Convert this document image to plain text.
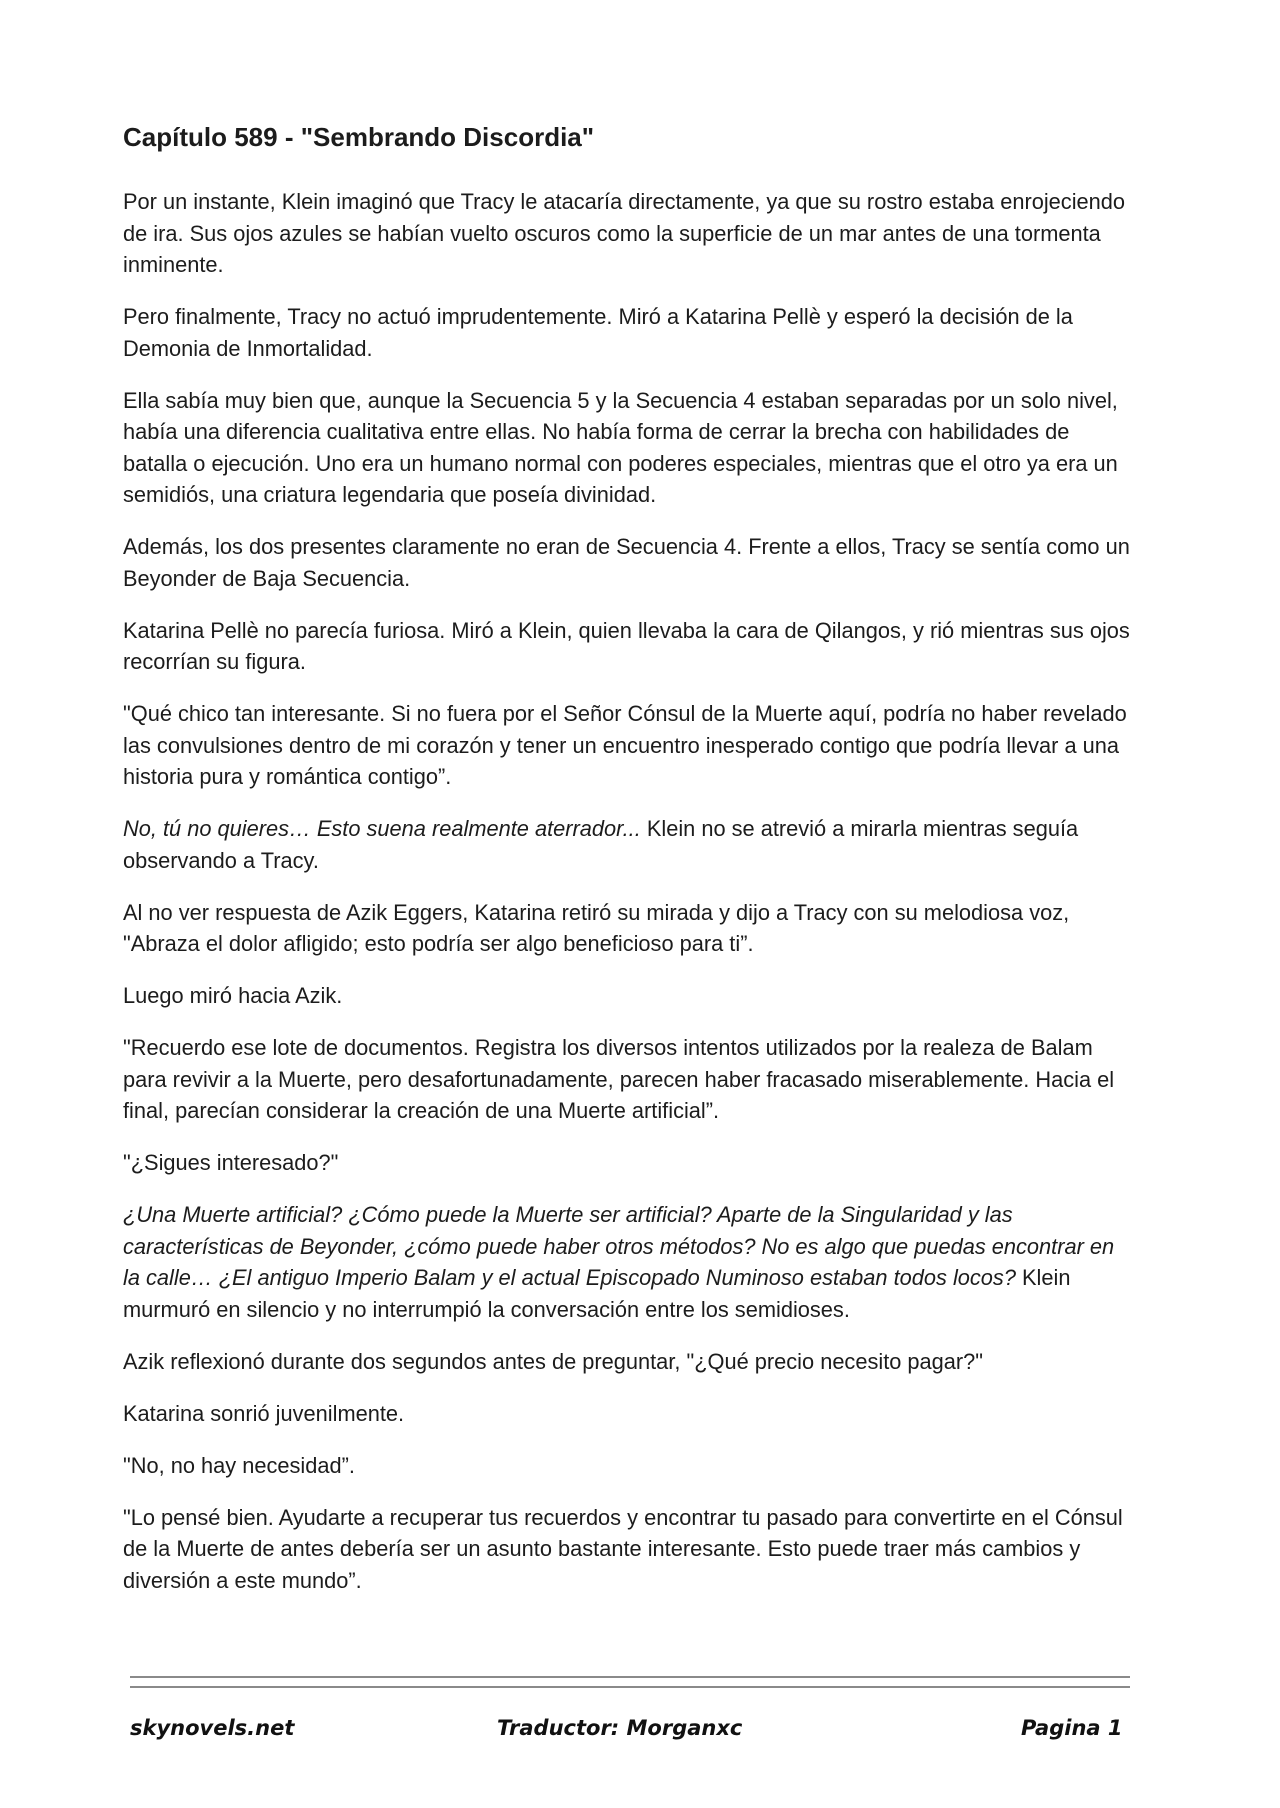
Capítulo 589 - "Sembrando Discordia"

Por un instante, Klein imaginó que Tracy le atacaría directamente, ya que su rostro estaba enrojeciendo de ira. Sus ojos azules se habían vuelto oscuros como la superficie de un mar antes de una tormenta inminente.

Pero finalmente, Tracy no actuó imprudentemente. Miró a Katarina Pellè y esperó la decisión de la Demonia de Inmortalidad.

Ella sabía muy bien que, aunque la Secuencia 5 y la Secuencia 4 estaban separadas por un solo nivel, había una diferencia cualitativa entre ellas. No había forma de cerrar la brecha con habilidades de batalla o ejecución. Uno era un humano normal con poderes especiales, mientras que el otro ya era un semidiós, una criatura legendaria que poseía divinidad.

Además, los dos presentes claramente no eran de Secuencia 4. Frente a ellos, Tracy se sentía como un Beyonder de Baja Secuencia.

Katarina Pellè no parecía furiosa. Miró a Klein, quien llevaba la cara de Qilangos, y rió mientras sus ojos recorrían su figura.

"Qué chico tan interesante. Si no fuera por el Señor Cónsul de la Muerte aquí, podría no haber revelado las convulsiones dentro de mi corazón y tener un encuentro inesperado contigo que podría llevar a una historia pura y romántica contigo”.

No, tú no quieres… Esto suena realmente aterrador... Klein no se atrevió a mirarla mientras seguía observando a Tracy.

Al no ver respuesta de Azik Eggers, Katarina retiró su mirada y dijo a Tracy con su melodiosa voz, "Abraza el dolor afligido; esto podría ser algo beneficioso para ti”.

Luego miró hacia Azik.

"Recuerdo ese lote de documentos. Registra los diversos intentos utilizados por la realeza de Balam para revivir a la Muerte, pero desafortunadamente, parecen haber fracasado miserablemente. Hacia el final, parecían considerar la creación de una Muerte artificial”.

"¿Sigues interesado?"

¿Una Muerte artificial? ¿Cómo puede la Muerte ser artificial? Aparte de la Singularidad y las características de Beyonder, ¿cómo puede haber otros métodos? No es algo que puedas encontrar en la calle… ¿El antiguo Imperio Balam y el actual Episcopado Numinoso estaban todos locos? Klein murmuró en silencio y no interrumpió la conversación entre los semidioses.

Azik reflexionó durante dos segundos antes de preguntar, "¿Qué precio necesito pagar?"

Katarina sonrió juvenilmente.

"No, no hay necesidad”.

"Lo pensé bien. Ayudarte a recuperar tus recuerdos y encontrar tu pasado para convertirte en el Cónsul de la Muerte de antes debería ser un asunto bastante interesante. Esto puede traer más cambios y diversión a este mundo”.

skynovels.net	Traductor: Morganxc	Pagina 1
